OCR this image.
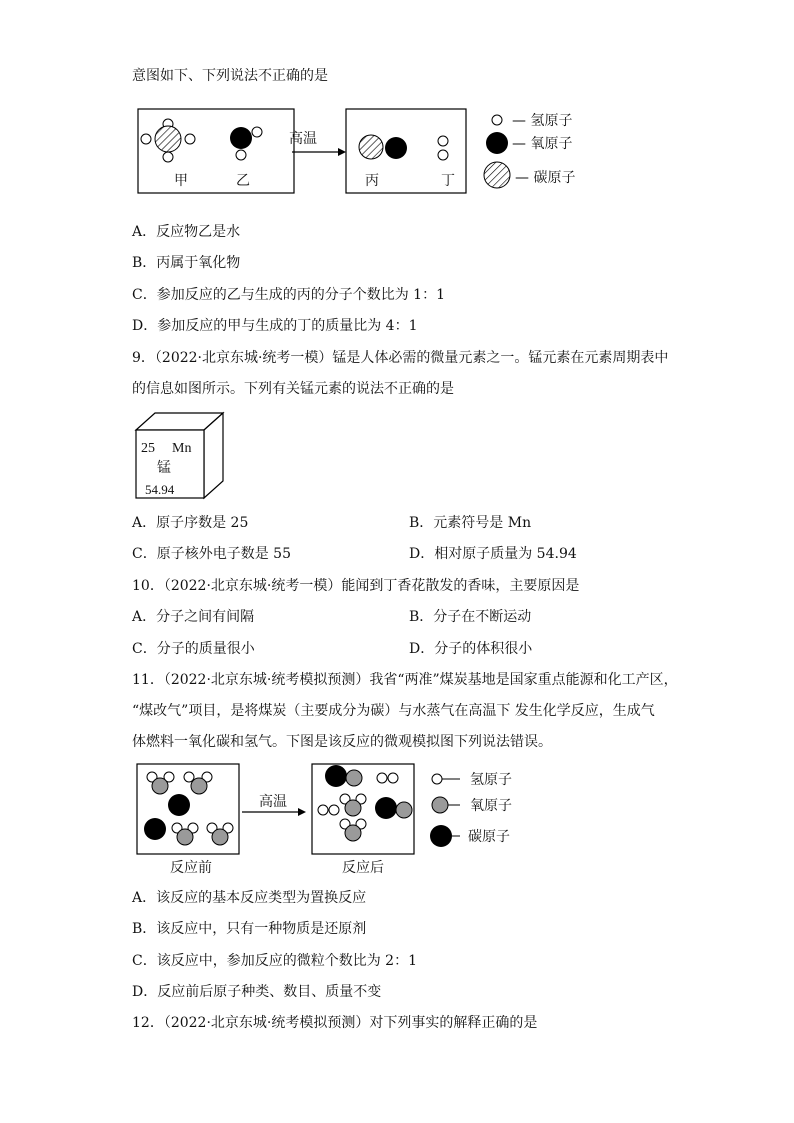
意图如下、下列说法不正确的是
甲	乙
高温
丙	丁
— 氢原子
— 氧原子
— 碳原子
A．反应物乙是水
B．丙属于氧化物
C．参加反应的乙与生成的丙的分子个数比为 1：1
D．参加反应的甲与生成的丁的质量比为 4：1
9．（2022·北京东城·统考一模）锰是人体必需的微量元素之一。锰元素在元素周期表中
的信息如图所示。下列有关锰元素的说法不正确的是
25 Mn
锰
54.94
A．原子序数是 25	B．元素符号是 Mn
C．原子核外电子数是 55	D．相对原子质量为 54.94
10．（2022·北京东城·统考一模）能闻到丁香花散发的香味，主要原因是
A．分子之间有间隔	B．分子在不断运动
C．分子的质量很小	D．分子的体积很小
11．（2022·北京东城·统考模拟预测）我省“两准”煤炭基地是国家重点能源和化工产区，
“煤改气”项目，是将煤炭（主要成分为碳）与水蒸气在高温下 发生化学反应，生成气
体燃料一氧化碳和氢气。下图是该反应的微观模拟图下列说法错误。
高温
反应前	反应后
氢原子
氧原子
碳原子
A．该反应的基本反应类型为置换反应
B．该反应中，只有一种物质是还原剂
C．该反应中，参加反应的微粒个数比为 2：1
D．反应前后原子种类、数目、质量不变
12．（2022·北京东城·统考模拟预测）对下列事实的解释正确的是
